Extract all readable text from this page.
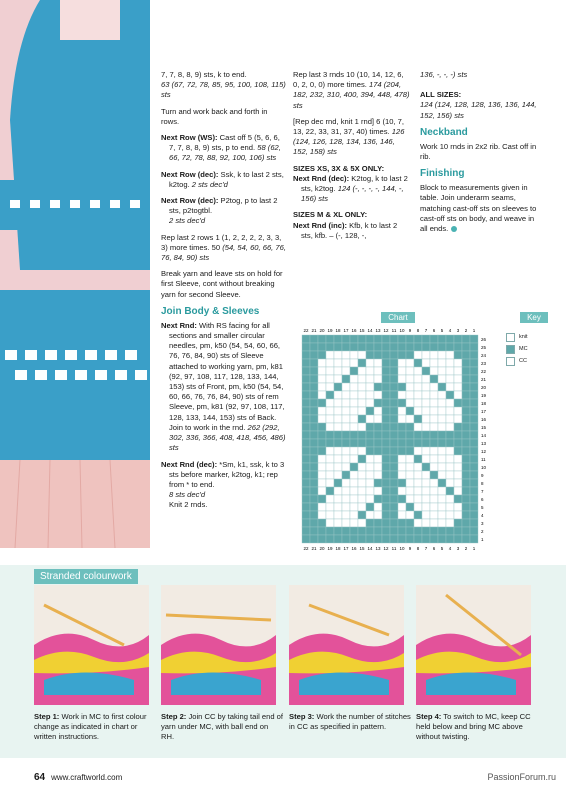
7, 7, 8, 8, 9) sts, k to end.
63 (67, 72, 78, 85, 95, 100, 108, 115) sts

Turn and work back and forth in rows.

Next Row (WS): Cast off 5 (5, 6, 6, 7, 7, 8, 8, 9) sts, p to end. 58 (62, 66, 72, 78, 88, 92, 100, 106) sts

Next Row (dec): Ssk, k to last 2 sts, k2tog. 2 sts dec'd

Next Row (dec): P2tog, p to last 2 sts, p2togtbl.
2 sts dec'd

Rep last 2 rows 1 (1, 2, 2, 2, 2, 3, 3, 3) more times. 50 (54, 54, 60, 66, 76, 76, 84, 90) sts

Break yarn and leave sts on hold for first Sleeve, cont without breaking yarn for second Sleeve.

Join Body & Sleeves

Next Rnd: With RS facing for all sections and smaller circular needles, pm, k50 (54, 54, 60, 66, 76, 76, 84, 90) sts of Sleeve attached to working yarn, pm, k81 (92, 97, 108, 117, 128, 133, 144, 153) sts of Front, pm, k50 (54, 54, 60, 66, 76, 76, 84, 90) sts of rem Sleeve, pm, k81 (92, 97, 108, 117, 128, 133, 144, 153) sts of Back. Join to work in the rnd. 262 (292, 302, 336, 366, 408, 418, 456, 486) sts

Next Rnd (dec): *Sm, k1, ssk, k to 3 sts before marker, k2tog, k1; rep from * to end.
8 sts dec'd
Knit 2 rnds.

Rep last 3 rnds 10 (10, 14, 12, 6, 0, 2, 0, 0) more times. 174 (204, 182, 232, 310, 400, 394, 448, 478) sts

[Rep dec rnd, knit 1 rnd] 6 (10, 7, 13, 22, 33, 31, 37, 40) times. 126 (124, 126, 128, 134, 136, 146, 152, 158) sts

SIZES XS, 3X & 5X ONLY:

Next Rnd (dec): K2tog, k to last 2 sts, k2tog. 124 (-, -, -, -, 144, -, 156) sts

SIZES M & XL ONLY:

Next Rnd (inc): Kfb, k to last 2 sts, kfb. – (-, 128, -,

136, -, -, -) sts

ALL SIZES:
124 (124, 128, 128, 136, 136, 144, 152, 156) sts

Neckband

Work 10 rnds in 2x2 rib. Cast off in rib.

Finishing

Block to measurements given in table. Join underarm seams, matching cast-off sts on sleeves to cast-off sts on body, and weave in all ends.

Chart
22
22
21
21
20
20
19
19
18
18
17
17
16
16
15
15
14
14
13
13
12
12
11
11
10
10
9
9
8
8
7
7
6
6
5
5
4
4
3
3
2
2
1
1
26
25
24
23
22
21
20
19
18
17
16
15
14
13
12
11
10
9
8
7
6
5
4
3
2
1
Key
knit
MC
CC
Stranded colourwork
Step 1: Work in MC to first colour change as indicated in chart or written instructions.
Step 2: Join CC by taking tail end of yarn under MC, with ball end on RH.
Step 3: Work the number of stitches in CC as specified in pattern.
Step 4: To switch to MC, keep CC held below and bring MC above without twisting.
64 www.craftworld.com	PassionForum.ru
